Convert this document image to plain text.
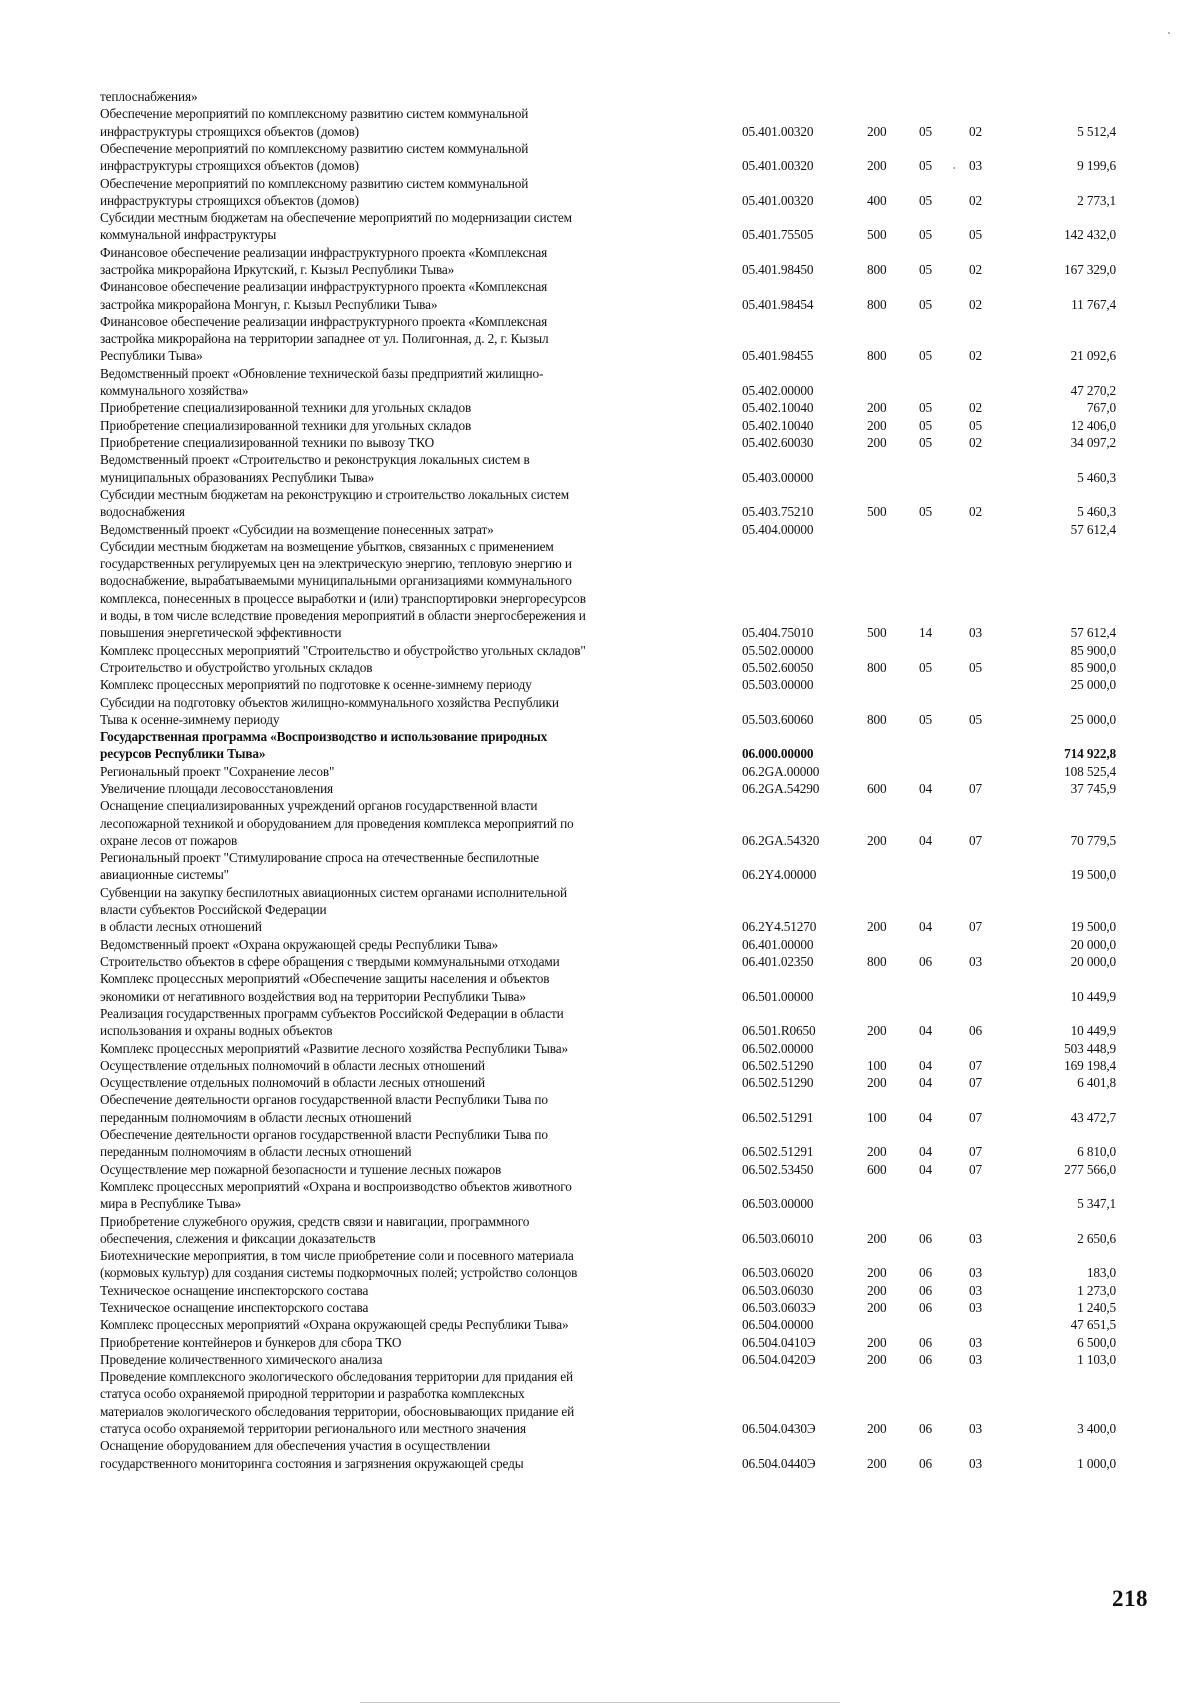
теплоснабжения»
Обеспечение мероприятий по комплексному развитию систем коммунальной
инфраструктуры строящихся объектов (домов)	05.401.00320	200 05	02	5 512,4
Обеспечение мероприятий по комплексному развитию систем коммунальной
инфраструктуры строящихся объектов (домов)	05.401.00320	200 05	03	9 199,6
Обеспечение мероприятий по комплексному развитию систем коммунальной
инфраструктуры строящихся объектов (домов)	05.401.00320	400 05	02	2 773,1
Субсидии местным бюджетам на обеспечение мероприятий по модернизации систем
коммунальной инфраструктуры	05.401.75505	500 05	05	142 432,0
Финансовое обеспечение реализации инфраструктурного проекта «Комплексная
застройка микрорайона Иркутский, г. Кызыл Республики Тыва»	05.401.98450	800 05	02	167 329,0
Финансовое обеспечение реализации инфраструктурного проекта «Комплексная
застройка микрорайона Монгун, г. Кызыл Республики Тыва»	05.401.98454	800 05	02	11 767,4
Финансовое обеспечение реализации инфраструктурного проекта «Комплексная
застройка микрорайона на территории западнее от ул. Полигонная, д. 2, г. Кызыл
Республики Тыва»	05.401.98455	800 05	02	21 092,6
Ведомственный проект «Обновление технической базы предприятий жилищно-
коммунального хозяйства»	05.402.00000	47 270,2
Приобретение специализированной техники для угольных складов	05.402.10040	200 05	02	767,0
Приобретение специализированной техники для угольных складов	05.402.10040	200 05	05	12 406,0
Приобретение специализированной техники по вывозу ТКО	05.402.60030	200 05	02	34 097,2
Ведомственный проект «Строительство и реконструкция локальных систем в
муниципальных образованиях Республики Тыва»	05.403.00000	5 460,3
Субсидии местным бюджетам на реконструкцию и строительство локальных систем
водоснабжения	05.403.75210	500 05	02	5 460,3
Ведомственный проект «Субсидии на возмещение понесенных затрат»	05.404.00000	57 612,4
Субсидии местным бюджетам на возмещение убытков, связанных с применением
государственных регулируемых цен на электрическую энергию, тепловую энергию и
водоснабжение, вырабатываемыми муниципальными организациями коммунального
комплекса, понесенных в процессе выработки и (или) транспортировки энергоресурсов
и воды, в том числе вследствие проведения мероприятий в области энергосбережения и
повышения энергетической эффективности	05.404.75010	500 14	03	57 612,4
Комплекс процессных мероприятий "Строительство и обустройство угольных складов"	05.502.00000	85 900,0
Строительство и обустройство угольных складов	05.502.60050	800 05	05	85 900,0
Комплекс процессных мероприятий по подготовке к осенне-зимнему периоду	05.503.00000	25 000,0
Субсидии на подготовку объектов жилищно-коммунального хозяйства Республики
Тыва к осенне-зимнему периоду	05.503.60060	800 05	05	25 000,0
Государственная программа «Воспроизводство и использование природных
ресурсов Республики Тыва»	06.000.00000	714 922,8
Региональный проект "Сохранение лесов"	06.2GA.00000	108 525,4
Увеличение площади лесовосстановления	06.2GA.54290	600 04	07	37 745,9
Оснащение специализированных учреждений органов государственной власти
лесопожарной техникой и оборудованием для проведения комплекса мероприятий по
охране лесов от пожаров	06.2GA.54320	200 04	07	70 779,5
Региональный проект "Стимулирование спроса на отечественные беспилотные
авиационные системы"	06.2Y4.00000	19 500,0
Субвенции на закупку беспилотных авиационных систем органами исполнительной
власти субъектов Российской Федерации
в области лесных отношений	06.2Y4.51270	200 04	07	19 500,0
Ведомственный проект «Охрана окружающей среды Республики Тыва»	06.401.00000	20 000,0
Строительство объектов в сфере обращения с твердыми коммунальными отходами	06.401.02350	800 06	03	20 000,0
Комплекс процессных мероприятий «Обеспечение защиты населения и объектов
экономики от негативного воздействия вод на территории Республики Тыва»	06.501.00000	10 449,9
Реализация государственных программ субъектов Российской Федерации в области
использования и охраны водных объектов	06.501.R0650	200 04	06	10 449,9
Комплекс процессных мероприятий «Развитие лесного хозяйства Республики Тыва»	06.502.00000	503 448,9
Осуществление отдельных полномочий в области лесных отношений	06.502.51290	100 04	07	169 198,4
Осуществление отдельных полномочий в области лесных отношений	06.502.51290	200 04	07	6 401,8
Обеспечение деятельности органов государственной власти Республики Тыва по
переданным полномочиям в области лесных отношений	06.502.51291	100 04	07	43 472,7
Обеспечение деятельности органов государственной власти Республики Тыва по
переданным полномочиям в области лесных отношений	06.502.51291	200 04	07	6 810,0
Осуществление мер пожарной безопасности и тушение лесных пожаров	06.502.53450	600 04	07	277 566,0
Комплекс процессных мероприятий «Охрана и воспроизводство объектов животного
мира в Республике Тыва»	06.503.00000	5 347,1
Приобретение служебного оружия, средств связи и навигации, программного
обеспечения, слежения и фиксации доказательств	06.503.06010	200 06	03	2 650,6
Биотехнические мероприятия, в том числе приобретение соли и посевного материала
(кормовых культур) для создания системы подкормочных полей; устройство солонцов	06.503.06020	200 06	03	183,0
Техническое оснащение инспекторского состава	06.503.06030	200 06	03	1 273,0
Техническое оснащение инспекторского состава	06.503.0603Э	200 06	03	1 240,5
Комплекс процессных мероприятий «Охрана окружающей среды Республики Тыва»	06.504.00000	47 651,5
Приобретение контейнеров и бункеров для сбора ТКО	06.504.0410Э	200 06	03	6 500,0
Проведение количественного химического анализа	06.504.0420Э	200 06	03	1 103,0
Проведение комплексного экологического обследования территории для придания ей
статуса особо охраняемой природной территории и разработка комплексных
материалов экологического обследования территории, обосновывающих придание ей
статуса особо охраняемой территории регионального или местного значения	06.504.0430Э	200 06	03	3 400,0
Оснащение оборудованием для обеспечения участия в осуществлении
государственного мониторинга состояния и загрязнения окружающей среды	06.504.0440Э	200 06	03	1 000,0
218
